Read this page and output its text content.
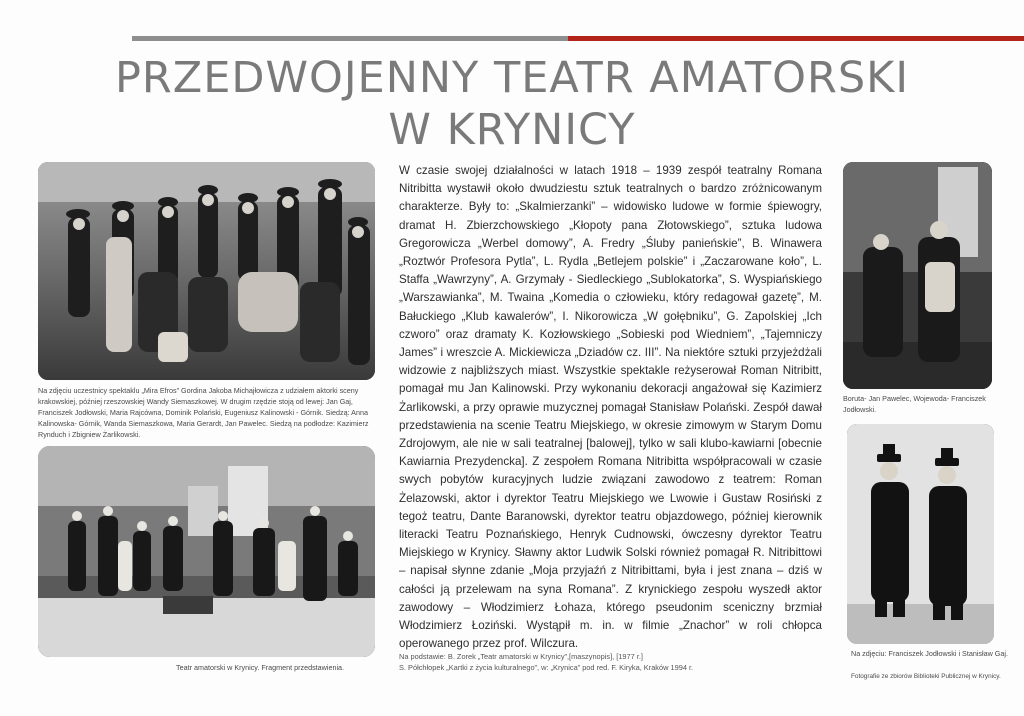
PRZEDWOJENNY TEATR AMATORSKI
W KRYNICY
Na zdjęciu uczestnicy spektaklu „Mira Efros” Gordina Jakoba Michajłowicza z udziałem aktorki sceny krakowskiej, później rzeszowskiej Wandy Siemaszkowej. W drugim rzędzie stoją od lewej: Jan Gaj, Franciszek Jodłowski, Maria Rajcówna, Dominik Polański, Eugeniusz Kalinowski - Górnik. Siedzą: Anna Kalinowska- Górnik, Wanda Siemaszkowa, Maria Gerardt, Jan Pawelec. Siedzą na podłodze: Kazimierz Rynduch i Zbigniew Żarlikowski.
Teatr amatorski w Krynicy. Fragment przedstawienia.
W czasie swojej działalności w latach 1918 – 1939 zespół teatralny Romana Nitribitta wystawił około dwudziestu sztuk teatralnych o bardzo zróżnicowanym charakterze. Były to: „Skalmierzanki” – widowisko ludowe w formie śpiewogry, dramat H. Zbierzchowskiego „Kłopoty pana Złotowskiego”, sztuka ludowa Gregorowicza „Werbel domowy”, A. Fredry „Śluby panieńskie”, B. Winawera „Roztwór Profesora Pytla”, L. Rydla „Betlejem polskie” i „Zaczarowane koło”, L. Staffa „Wawrzyny”, A. Grzymały - Siedleckiego „Sublokatorka”, S. Wyspiańskiego „Warszawianka”, M. Twaina „Komedia o człowieku, który redagował gazetę”, M. Bałuckiego „Klub kawalerów”, I. Nikorowicza „W gołębniku”, G. Zapolskiej „Ich czworo” oraz dramaty K. Kozłowskiego „Sobieski pod Wiedniem”, „Tajemniczy James” i wreszcie A. Mickiewicza „Dziadów cz. III”. Na niektóre sztuki przyjeżdżali widzowie z najbliższych miast. Wszystkie spektakle reżyserował Roman Nitribitt, pomagał mu Jan Kalinowski. Przy wykonaniu dekoracji angażował się Kazimierz Żarlikowski, a przy oprawie muzycznej pomagał Stanisław Polański. Zespół dawał przedstawienia na scenie Teatru Miejskiego, w okresie zimowym w Starym Domu Zdrojowym, ale nie w sali teatralnej [balowej], tylko w sali klubo-kawiarni [obecnie Kawiarnia Prezydencka]. Z zespołem Romana Nitribitta współpracowali w czasie swych pobytów kuracyjnych ludzie związani zawodowo z teatrem: Roman Żelazowski, aktor i dyrektor Teatru Miejskiego we Lwowie i Gustaw Rosiński z tegoż teatru, Dante Baranowski, dyrektor teatru objazdowego, później kierownik literacki Teatru Poznańskiego, Henryk Cudnowski, ówczesny dyrektor Teatru Miejskiego w Krynicy. Sławny aktor Ludwik Solski również pomagał R. Nitribittowi – napisał słynne zdanie „Moja przyjaźń z Nitribittami, była i jest znana – dziś w całości ją przelewam na syna Romana”. Z krynickiego zespołu wyszedł aktor zawodowy – Włodzimierz Łohaza, którego pseudonim sceniczny brzmiał Włodzimierz Łoziński. Wystąpił m. in. w filmie „Znachor” w roli chłopca operowanego przez prof. Wilczura.
Na podstawie: B. Zorek „Teatr amatorski w Krynicy”,[maszynopis], [1977 r.]
S. Półchłopek „Kartki z życia kulturalnego”, w: „Krynica” pod red. F. Kiryka, Kraków 1994 r.
Boruta- Jan Pawelec, Wojewoda- Franciszek Jodłowski.
Na zdjęciu: Franciszek Jodłowski i Stanisław Gaj.
Fotografie ze zbiorów Biblioteki Publicznej w Krynicy.
